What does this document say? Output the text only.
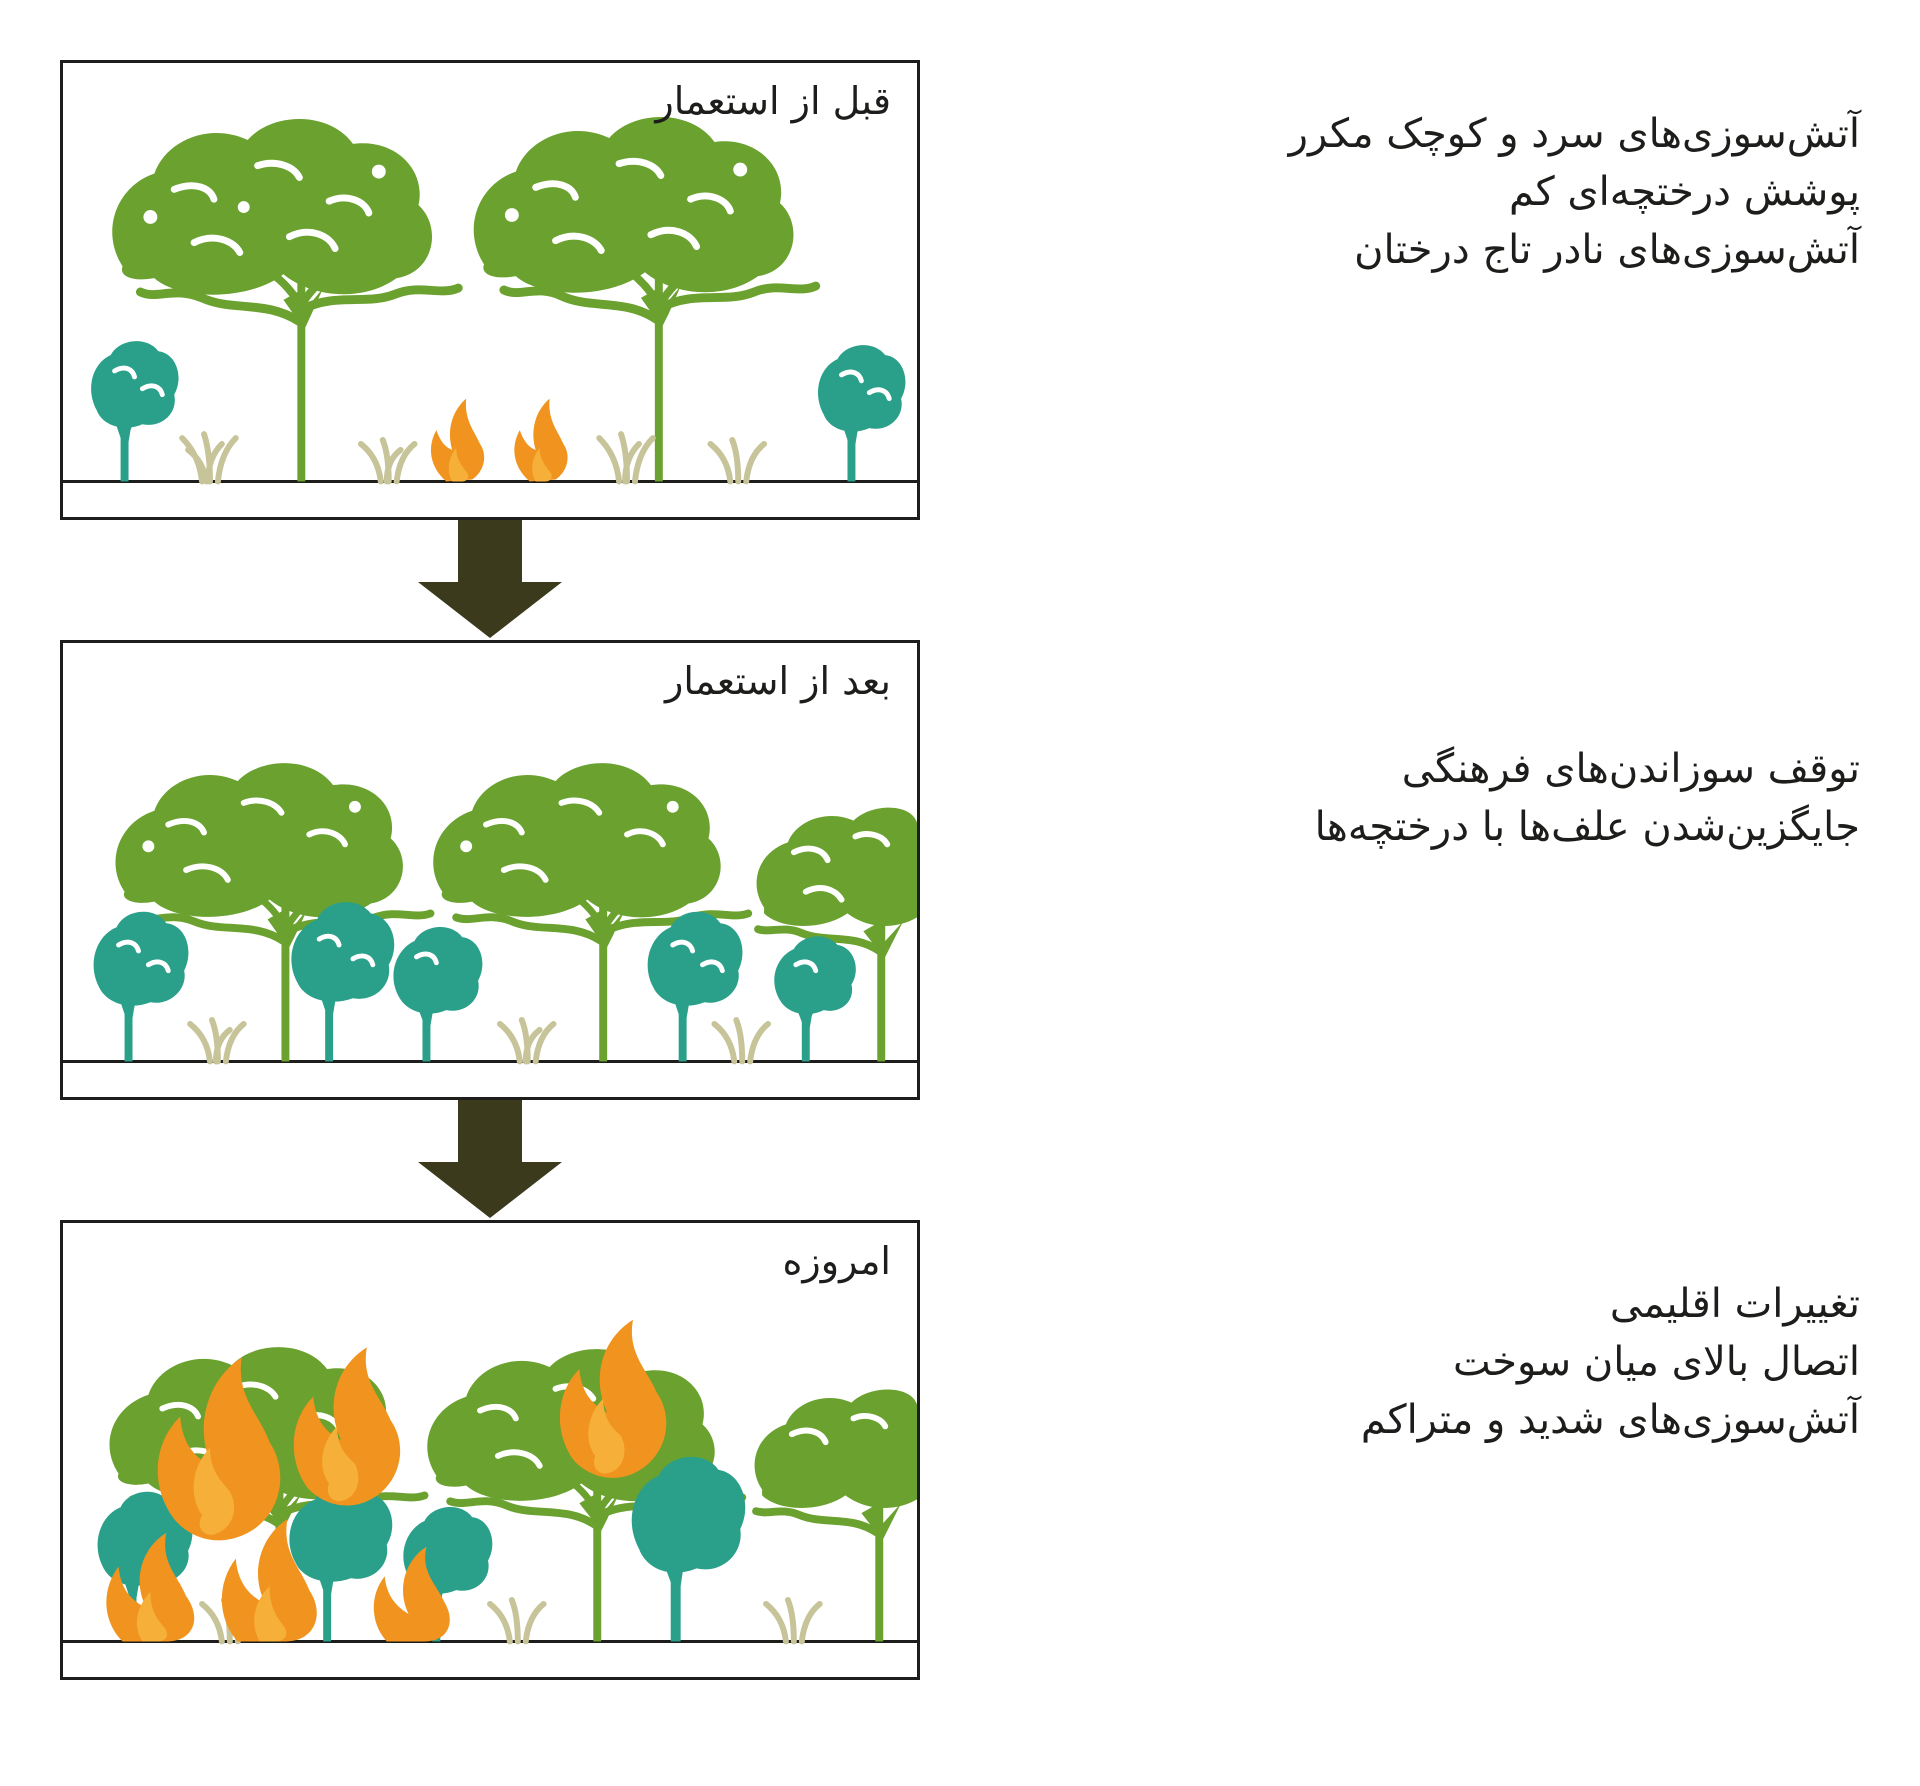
قبل از استعمار
بعد از استعمار
امروزه
آتش‌سوزی‌های سرد و کوچک مکرر
پوشش درختچه‌ای کم
آتش‌سوزی‌های نادر تاج درختان
توقف سوزاندن‌های فرهنگی
جایگزین‌شدن علف‌ها با درختچه‌ها
تغییرات اقلیمی
اتصال بالای میان سوخت
آتش‌سوزی‌های شدید و متراکم
